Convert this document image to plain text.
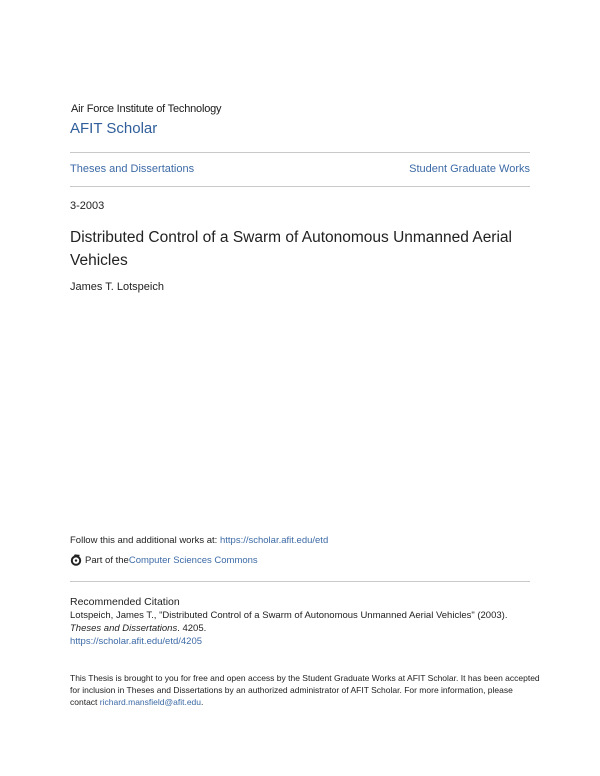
Air Force Institute of Technology
AFIT Scholar
Theses and Dissertations	Student Graduate Works
3-2003
Distributed Control of a Swarm of Autonomous Unmanned Aerial Vehicles
James T. Lotspeich
Follow this and additional works at: https://scholar.afit.edu/etd
Part of the Computer Sciences Commons
Recommended Citation
Lotspeich, James T., "Distributed Control of a Swarm of Autonomous Unmanned Aerial Vehicles" (2003).
Theses and Dissertations. 4205.
https://scholar.afit.edu/etd/4205
This Thesis is brought to you for free and open access by the Student Graduate Works at AFIT Scholar. It has been accepted for inclusion in Theses and Dissertations by an authorized administrator of AFIT Scholar. For more information, please contact richard.mansfield@afit.edu.
